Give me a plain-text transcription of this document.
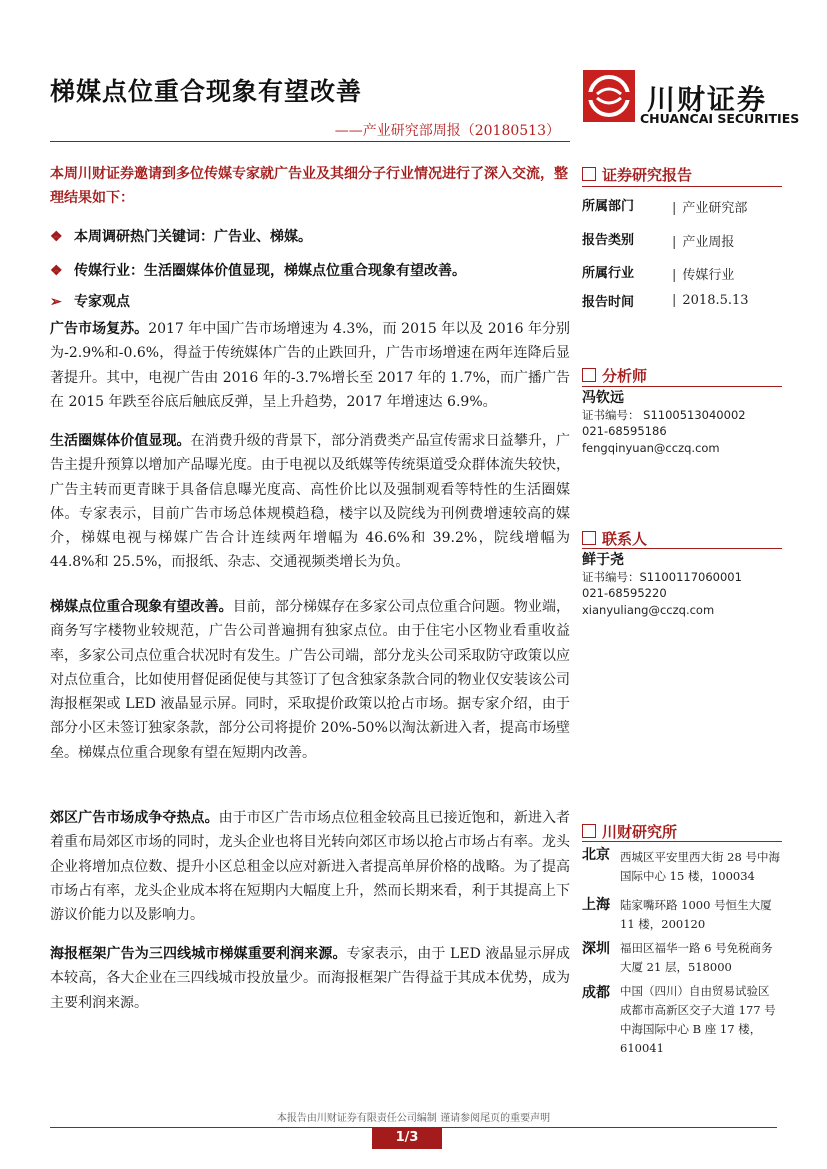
梯媒点位重合现象有望改善
——产业研究部周报（20180513）
川财证券
CHUANCAI SECURITIES
本周川财证券邀请到多位传媒专家就广告业及其细分子行业情况进行了深入交流，整理结果如下：
❖ 本周调研热门关键词：广告业、梯媒。
❖ 传媒行业：生活圈媒体价值显现，梯媒点位重合现象有望改善。
➢ 专家观点
广告市场复苏。2017 年中国广告市场增速为 4.3%，而 2015 年以及 2016 年分别为-2.9%和-0.6%，得益于传统媒体广告的止跌回升，广告市场增速在两年连降后显著提升。其中，电视广告由 2016 年的-3.7%增长至 2017 年的 1.7%，而广播广告在 2015 年跌至谷底后触底反弹，呈上升趋势，2017 年增速达 6.9%。
生活圈媒体价值显现。在消费升级的背景下，部分消费类产品宣传需求日益攀升，广告主提升预算以增加产品曝光度。由于电视以及纸媒等传统渠道受众群体流失较快，广告主转而更青睐于具备信息曝光度高、高性价比以及强制观看等特性的生活圈媒体。专家表示，目前广告市场总体规模趋稳，楼宇以及院线为刊例费增速较高的媒介，梯媒电视与梯媒广告合计连续两年增幅为 46.6%和 39.2%，院线增幅为 44.8%和 25.5%，而报纸、杂志、交通视频类增长为负。
梯媒点位重合现象有望改善。目前，部分梯媒存在多家公司点位重合问题。物业端，商务写字楼物业较规范，广告公司普遍拥有独家点位。由于住宅小区物业看重收益率，多家公司点位重合状况时有发生。广告公司端，部分龙头公司采取防守政策以应对点位重合，比如使用督促函促使与其签订了包含独家条款合同的物业仅安装该公司海报框架或 LED 液晶显示屏。同时，采取提价政策以抢占市场。据专家介绍，由于部分小区未签订独家条款，部分公司将提价 20%-50%以淘汰新进入者，提高市场壁垒。梯媒点位重合现象有望在短期内改善。
郊区广告市场成争夺热点。由于市区广告市场点位租金较高且已接近饱和，新进入者着重布局郊区市场的同时，龙头企业也将目光转向郊区市场以抢占市场占有率。龙头企业将增加点位数、提升小区总租金以应对新进入者提高单屏价格的战略。为了提高市场占有率，龙头企业成本将在短期内大幅度上升，然而长期来看，利于其提高上下游议价能力以及影响力。
海报框架广告为三四线城市梯媒重要利润来源。专家表示，由于 LED 液晶显示屏成本较高，各大企业在三四线城市投放量少。而海报框架广告得益于其成本优势，成为主要利润来源。
证券研究报告
所属部门	| 产业研究部
报告类别	| 产业周报
所属行业	| 传媒行业
报告时间	| 2018.5.13
分析师
冯钦远
证书编号： S1100513040002
021-68595186
fengqinyuan@cczq.com
联系人
鲜于尧
证书编号：S1100117060001
021-68595220
xianyuliang@cczq.com
川财研究所
北京 西城区平安里西大街 28 号中海国际中心 15 楼，100034
上海 陆家嘴环路 1000 号恒生大厦 11 楼，200120
深圳 福田区福华一路 6 号免税商务大厦 21 层，518000
成都 中国（四川）自由贸易试验区成都市高新区交子大道 177 号中海国际中心 B 座 17 楼，610041
本报告由川财证券有限责任公司编制 谨请参阅尾页的重要声明
1/3
